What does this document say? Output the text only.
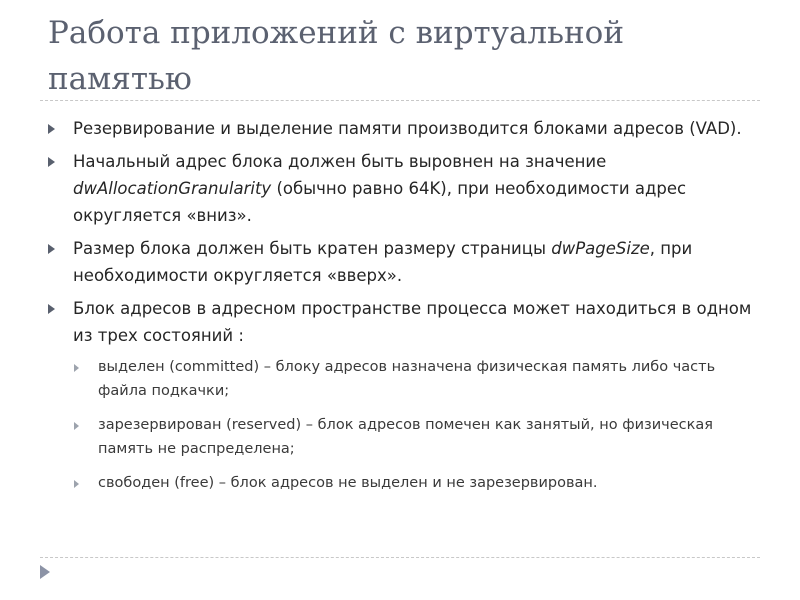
Работа приложений с виртуальной
памятью
Резервирование и выделение памяти производится блоками адресов (VAD).
Начальный адрес блока должен быть выровнен на значение dwAllocationGranularity (обычно равно 64K), при необходимости адрес округляется «вниз».
Размер блока должен быть кратен размеру страницы dwPageSize, при необходимости округляется «вверх».
Блок адресов в адресном пространстве процесса может находиться в одном из трех состояний :
выделен (committed) – блоку адресов назначена физическая память либо часть файла подкачки;
зарезервирован (reserved) – блок адресов помечен как занятый, но физическая память не распределена;
свободен (free) – блок адресов не выделен и не зарезервирован.
